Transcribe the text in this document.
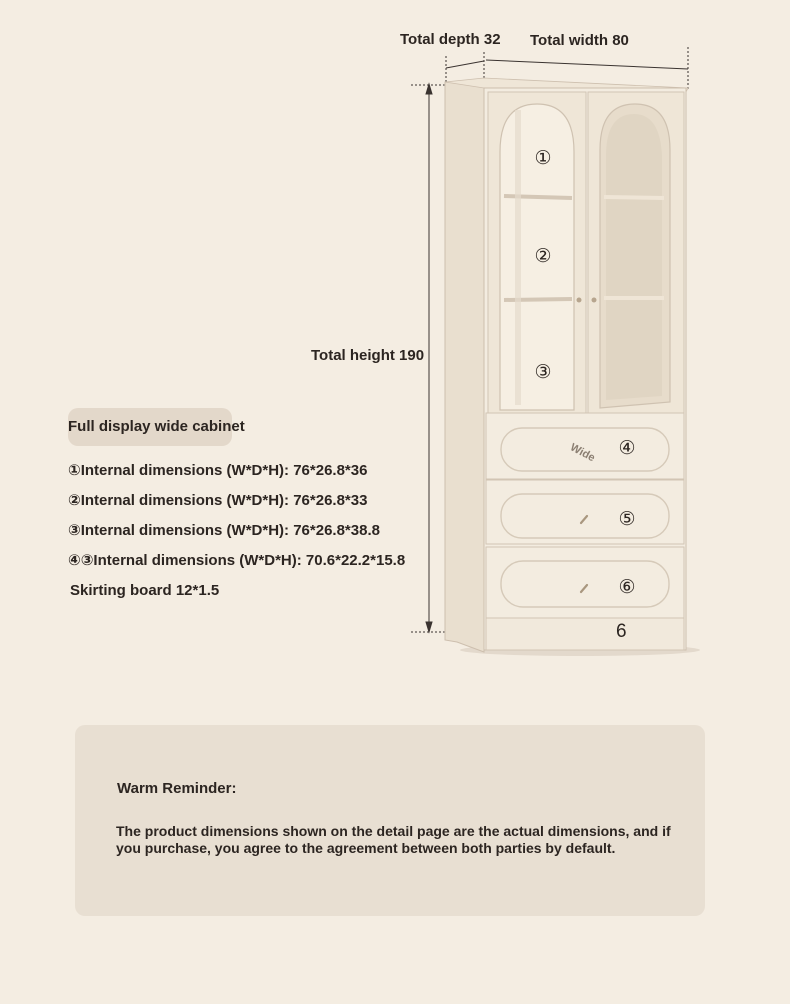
Total depth 32 Total width 80
Total height 190
Wide
①
②
③
④
⑤
⑥
6
Full display wide cabinet
①Internal dimensions (W*D*H): 76*26.8*36
②Internal dimensions (W*D*H): 76*26.8*33
③Internal dimensions (W*D*H): 76*26.8*38.8
④③Internal dimensions (W*D*H): 70.6*22.2*15.8
Skirting board 12*1.5
Warm Reminder:
The product dimensions shown on the detail page are the actual dimensions, and if you purchase, you agree to the agreement between both parties by default.
